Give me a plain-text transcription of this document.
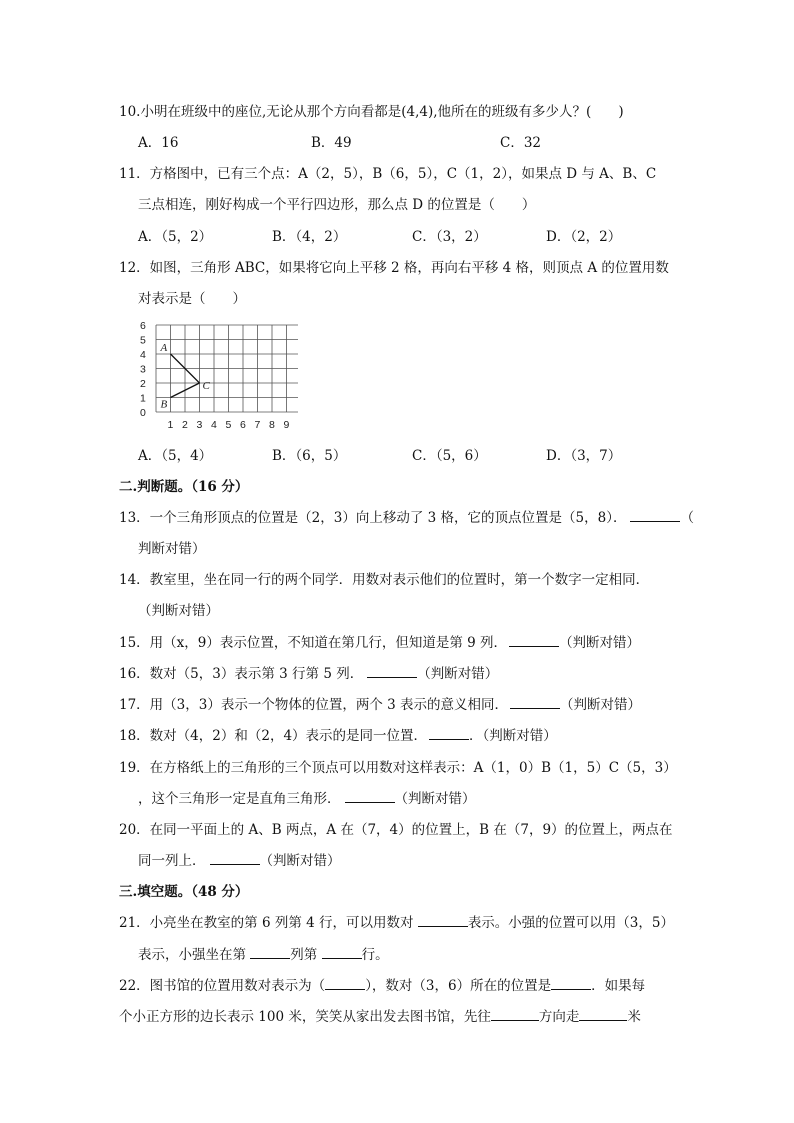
10.小明在班级中的座位,无论从那个方向看都是(4,4),他所在的班级有多少人？(　　)
A．16	B．49	C．32
11．方格图中，已有三个点：A（2，5），B（6，5），C（1，2），如果点 D 与 A、B、C
三点相连，刚好构成一个平行四边形，那么点 D 的位置是（　　）
A．（5，2）	B．（4，2）	C．（3，2）	D．（2，2）
12．如图，三角形 ABC，如果将它向上平移 2 格，再向右平移 4 格，则顶点 A 的位置用数
对表示是（　　）
0
1
2
3
4
5
6
1 2 3 4 5 6 7 8 9
A
B
C
A．（5，4）	B．（6，5）	C．（5，6）	D．（3，7）
二.判断题。（16 分）
13．一个三角形顶点的位置是（2，3）向上移动了 3 格，它的顶点位置是（5，8）．	（
判断对错）
14．教室里，坐在同一行的两个同学．用数对表示他们的位置时，第一个数字一定相同．
（判断对错）
15．用（x，9）表示位置，不知道在第几行，但知道是第 9 列．	（判断对错）
16．数对（5，3）表示第 3 行第 5 列．	（判断对错）
17．用（3，3）表示一个物体的位置，两个 3 表示的意义相同．	（判断对错）
18．数对（4，2）和（2，4）表示的是同一位置．	．（判断对错）
19．在方格纸上的三角形的三个顶点可以用数对这样表示：A（1，0）B（1，5）C（5，3）
，这个三角形一定是直角三角形．	（判断对错）
20．在同一平面上的 A、B 两点，A 在（7，4）的位置上，B 在（7，9）的位置上，两点在
同一列上．	（判断对错）
三.填空题。（48 分）
21．小亮坐在教室的第 6 列第 4 行，可以用数对	表示。小强的位置可以用（3，5）
表示，小强坐在第	列第	行。
22．图书馆的位置用数对表示为（	），数对（3，6）所在的位置是	．如果每
个小正方形的边长表示 100 米，笑笑从家出发去图书馆，先往	方向走	米
